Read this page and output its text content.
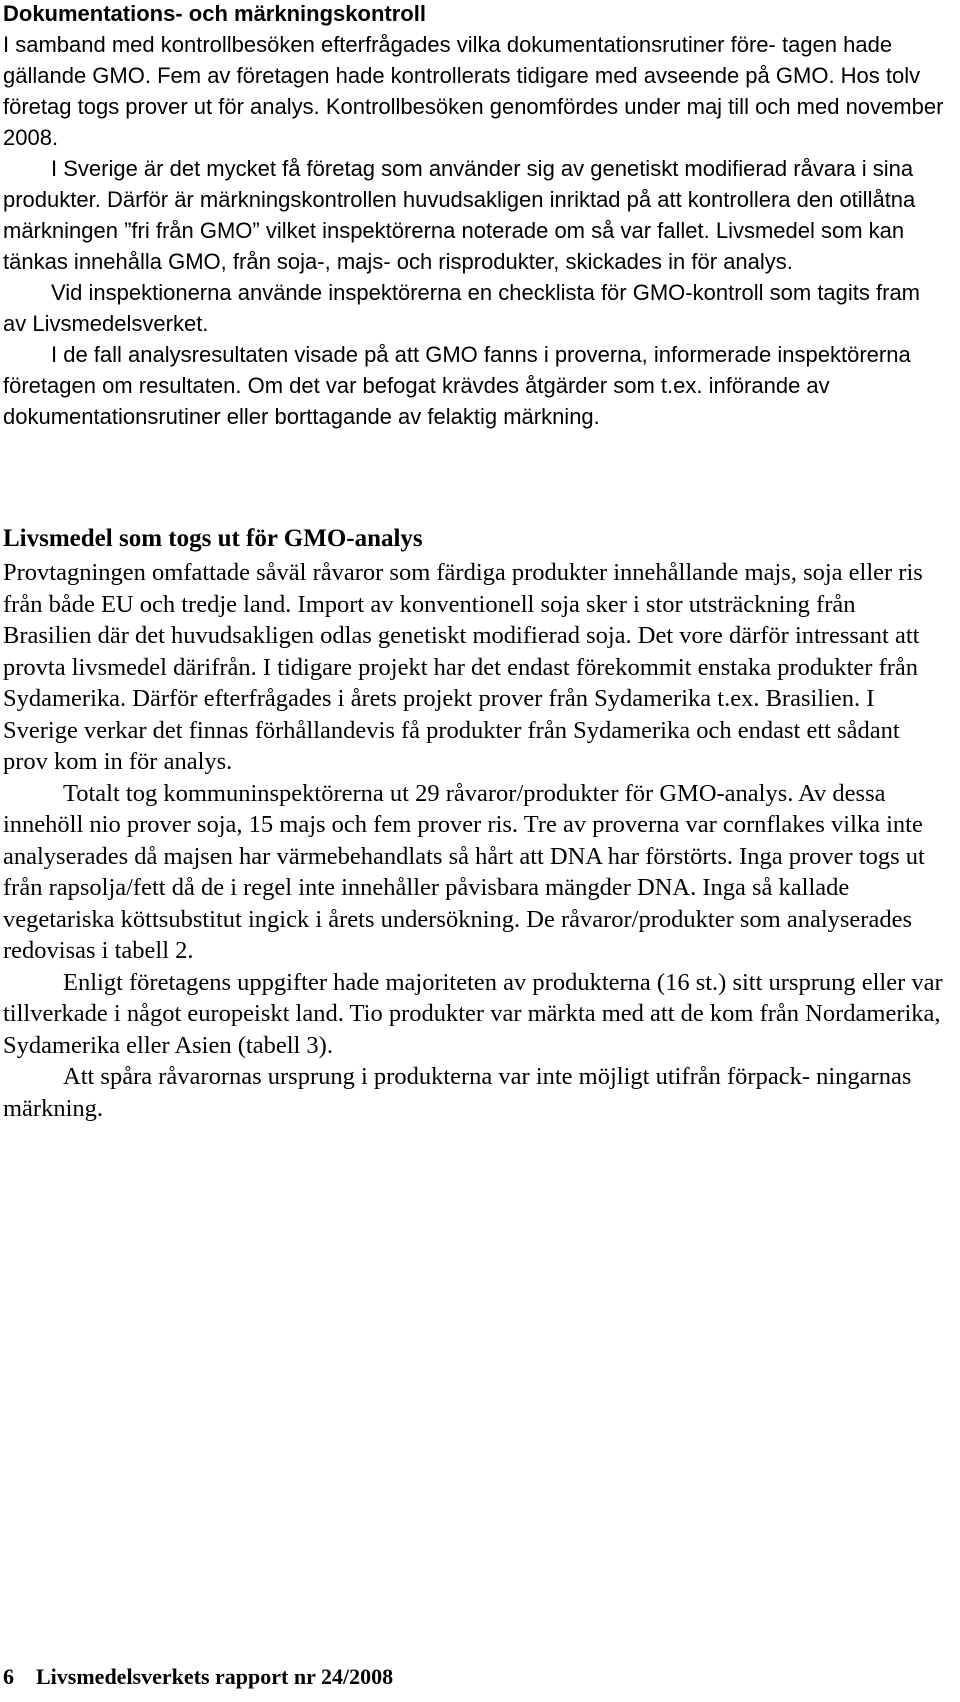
Dokumentations- och märkningskontroll

I samband med kontrollbesöken efterfrågades vilka dokumentationsrutiner före- tagen hade gällande GMO. Fem av företagen hade kontrollerats tidigare med avseende på GMO. Hos tolv företag togs prover ut för analys. Kontrollbesöken genomfördes under maj till och med november 2008.

I Sverige är det mycket få företag som använder sig av genetiskt modifierad råvara i sina produkter. Därför är märkningskontrollen huvudsakligen inriktad på att kontrollera den otillåtna märkningen ”fri från GMO” vilket inspektörerna noterade om så var fallet. Livsmedel som kan tänkas innehålla GMO, från soja-, majs- och risprodukter, skickades in för analys.

Vid inspektionerna använde inspektörerna en checklista för GMO-kontroll som tagits fram av Livsmedelsverket.

I de fall analysresultaten visade på att GMO fanns i proverna, informerade inspektörerna företagen om resultaten. Om det var befogat krävdes åtgärder som t.ex. införande av dokumentationsrutiner eller borttagande av felaktig märkning.

Livsmedel som togs ut för GMO-analys

Provtagningen omfattade såväl råvaror som färdiga produkter innehållande majs, soja eller ris från både EU och tredje land. Import av konventionell soja sker i stor utsträckning från Brasilien där det huvudsakligen odlas genetiskt modifierad soja. Det vore därför intressant att provta livsmedel därifrån. I tidigare projekt har det endast förekommit enstaka produkter från Sydamerika. Därför efterfrågades i årets projekt prover från Sydamerika t.ex. Brasilien. I Sverige verkar det finnas förhållandevis få produkter från Sydamerika och endast ett sådant prov kom in för analys.

Totalt tog kommuninspektörerna ut 29 råvaror/produkter för GMO-analys. Av dessa innehöll nio prover soja, 15 majs och fem prover ris. Tre av proverna var cornflakes vilka inte analyserades då majsen har värmebehandlats så hårt att DNA har förstörts. Inga prover togs ut från rapsolja/fett då de i regel inte innehåller påvisbara mängder DNA. Inga så kallade vegetariska köttsubstitut ingick i årets undersökning. De råvaror/produkter som analyserades redovisas i tabell 2.

Enligt företagens uppgifter hade majoriteten av produkterna (16 st.) sitt ursprung eller var tillverkade i något europeiskt land. Tio produkter var märkta med att de kom från Nordamerika, Sydamerika eller Asien (tabell 3).

Att spåra råvarornas ursprung i produkterna var inte möjligt utifrån förpack- ningarnas märkning.

6 Livsmedelsverkets rapport nr 24/2008
